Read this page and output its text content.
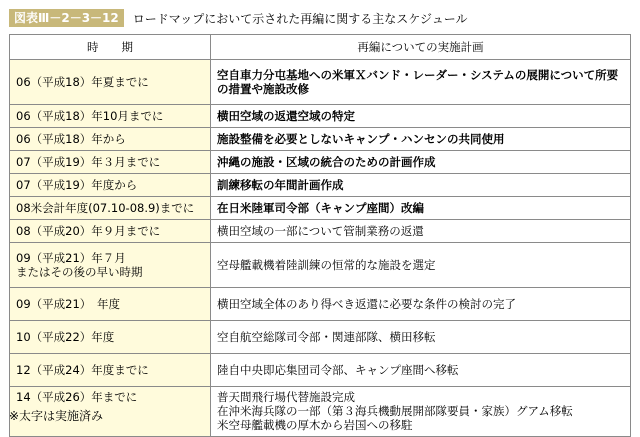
図表Ⅲ－2－3－12	ロードマップにおいて示された再編に関する主なスケジュール
時　　期	再編についての実施計画
06（平成18）年夏までに	空自車力分屯基地への米軍Ｘバンド・レーダー・システムの展開について所要の措置や施設改修
06（平成18）年10月までに	横田空域の返還空域の特定
06（平成18）年から	施設整備を必要としないキャンプ・ハンセンの共同使用
07（平成19）年３月までに	沖縄の施設・区域の統合のための計画作成
07（平成19）年度から	訓練移転の年間計画作成
08米会計年度(07.10-08.9)までに	在日米陸軍司令部（キャンプ座間）改編
08（平成20）年９月までに	横田空域の一部について管制業務の返還

09（平成21）年７月
またはその後の早い時期	空母艦載機着陸訓練の恒常的な施設を選定
09（平成21）　年度	横田空域全体のあり得べき返還に必要な条件の検討の完了
10（平成22）年度	空自航空総隊司令部・関連部隊、横田移転
12（平成24）年度までに	陸自中央即応集団司令部、キャンプ座間へ移転
14（平成26）年までに	普天間飛行場代替施設完成
在沖米海兵隊の一部（第３海兵機動展開部隊要員・家族）グアム移転
米空母艦載機の厚木から岩国への移駐
※太字は実施済み
